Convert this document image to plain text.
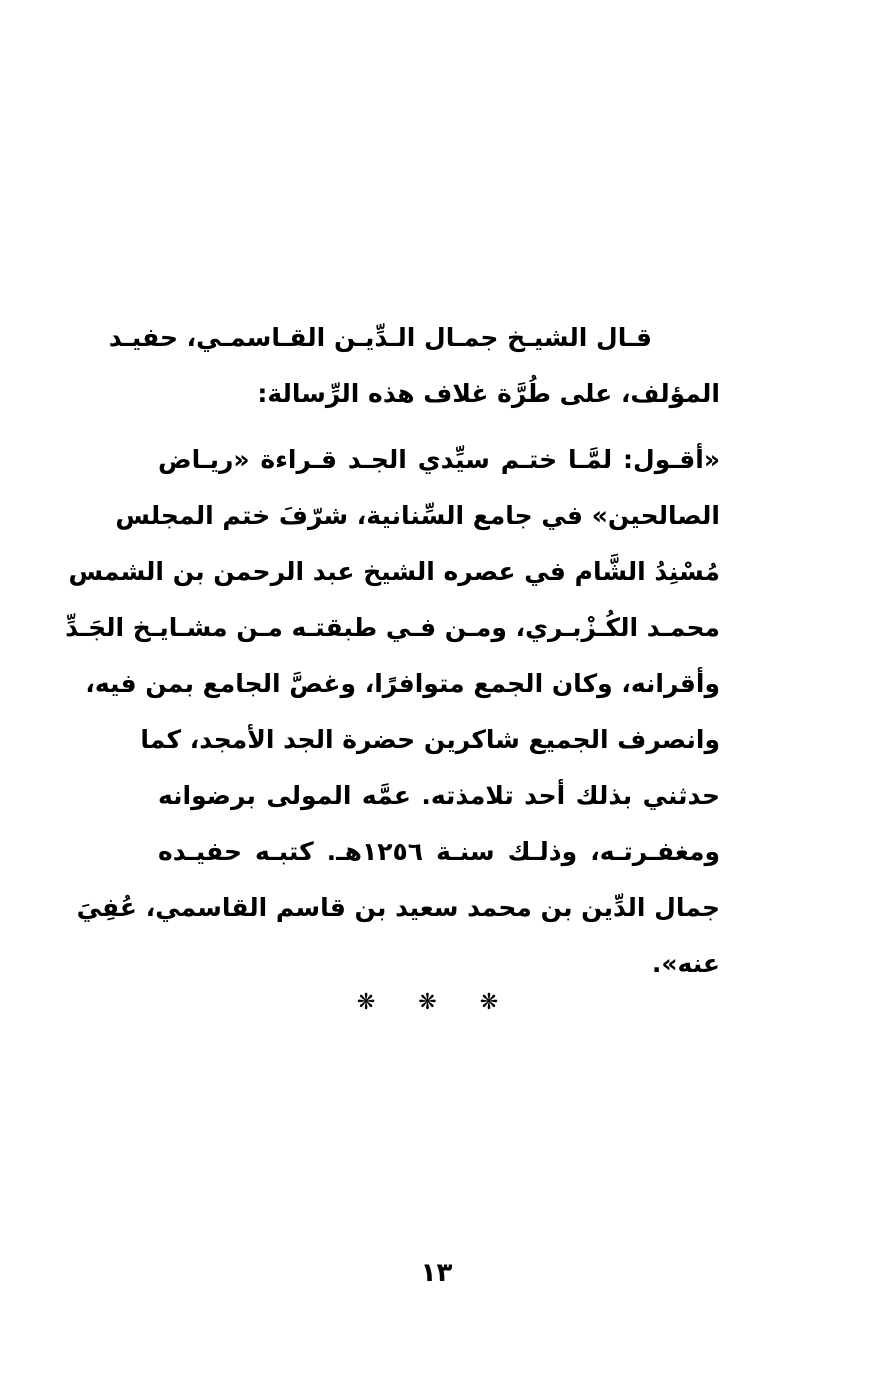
قـال الشيـخ جمـال الـدِّيـن القـاسمـي، حفيـد
المؤلف، على طُرَّة غلاف هذه الرِّسالة:
«أقـول: لمَّـا ختـم سيِّدي الجـد قـراءة «ريـاض
الصالحين» في جامع السِّنانية، شرّفَ ختم المجلس
مُسْنِدُ الشَّام في عصره الشيخ عبد الرحمن بن الشمس
محمـد الكُـزْبـري، ومـن فـي طبقتـه مـن مشـايـخ الجَـدِّ
وأقرانه، وكان الجمع متوافرًا، وغصَّ الجامع بمن فيه،
وانصرف الجميع شاكرين حضرة الجد الأمجد، كما
حدثني بذلك أحد تلامذته. عمَّه المولى برضوانه
ومغفـرتـه، وذلـك سنـة ١٢٥٦هـ. كتبـه حفيـده
جمال الدِّين بن محمد سعيد بن قاسم القاسمي، عُفِيَ
عنه».
❋ ❋ ❋
١٣
